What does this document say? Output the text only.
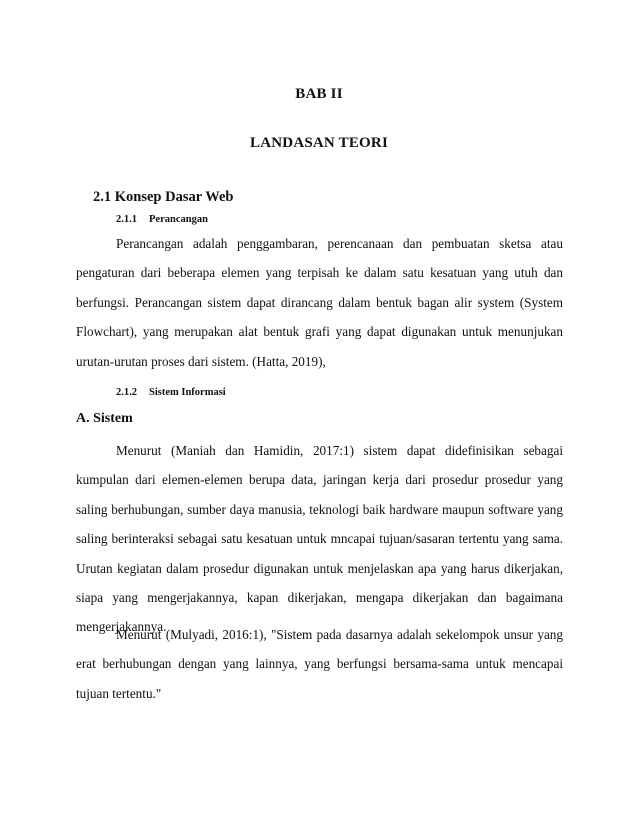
BAB II
LANDASAN TEORI
2.1 Konsep Dasar Web
2.1.1 Perancangan

Perancangan adalah penggambaran, perencanaan dan pembuatan sketsa atau pengaturan dari beberapa elemen yang terpisah ke dalam satu kesatuan yang utuh dan berfungsi. Perancangan sistem dapat dirancang dalam bentuk bagan alir system (System Flowchart), yang merupakan alat bentuk grafi yang dapat digunakan untuk menunjukan urutan-urutan proses dari sistem. (Hatta, 2019),

2.1.2 Sistem Informasi
A. Sistem

Menurut (Maniah dan Hamidin, 2017:1) sistem dapat didefinisikan sebagai kumpulan dari elemen-elemen berupa data, jaringan kerja dari prosedur prosedur yang saling berhubungan, sumber daya manusia, teknologi baik hardware maupun software yang saling berinteraksi sebagai satu kesatuan untuk mncapai tujuan/sasaran tertentu yang sama. Urutan kegiatan dalam prosedur digunakan untuk menjelaskan apa yang harus dikerjakan, siapa yang mengerjakannya, kapan dikerjakan, mengapa dikerjakan dan bagaimana mengerjakannya.

Menurut (Mulyadi, 2016:1), "Sistem pada dasarnya adalah sekelompok unsur yang erat berhubungan dengan yang lainnya, yang berfungsi bersama-sama untuk mencapai tujuan tertentu."
